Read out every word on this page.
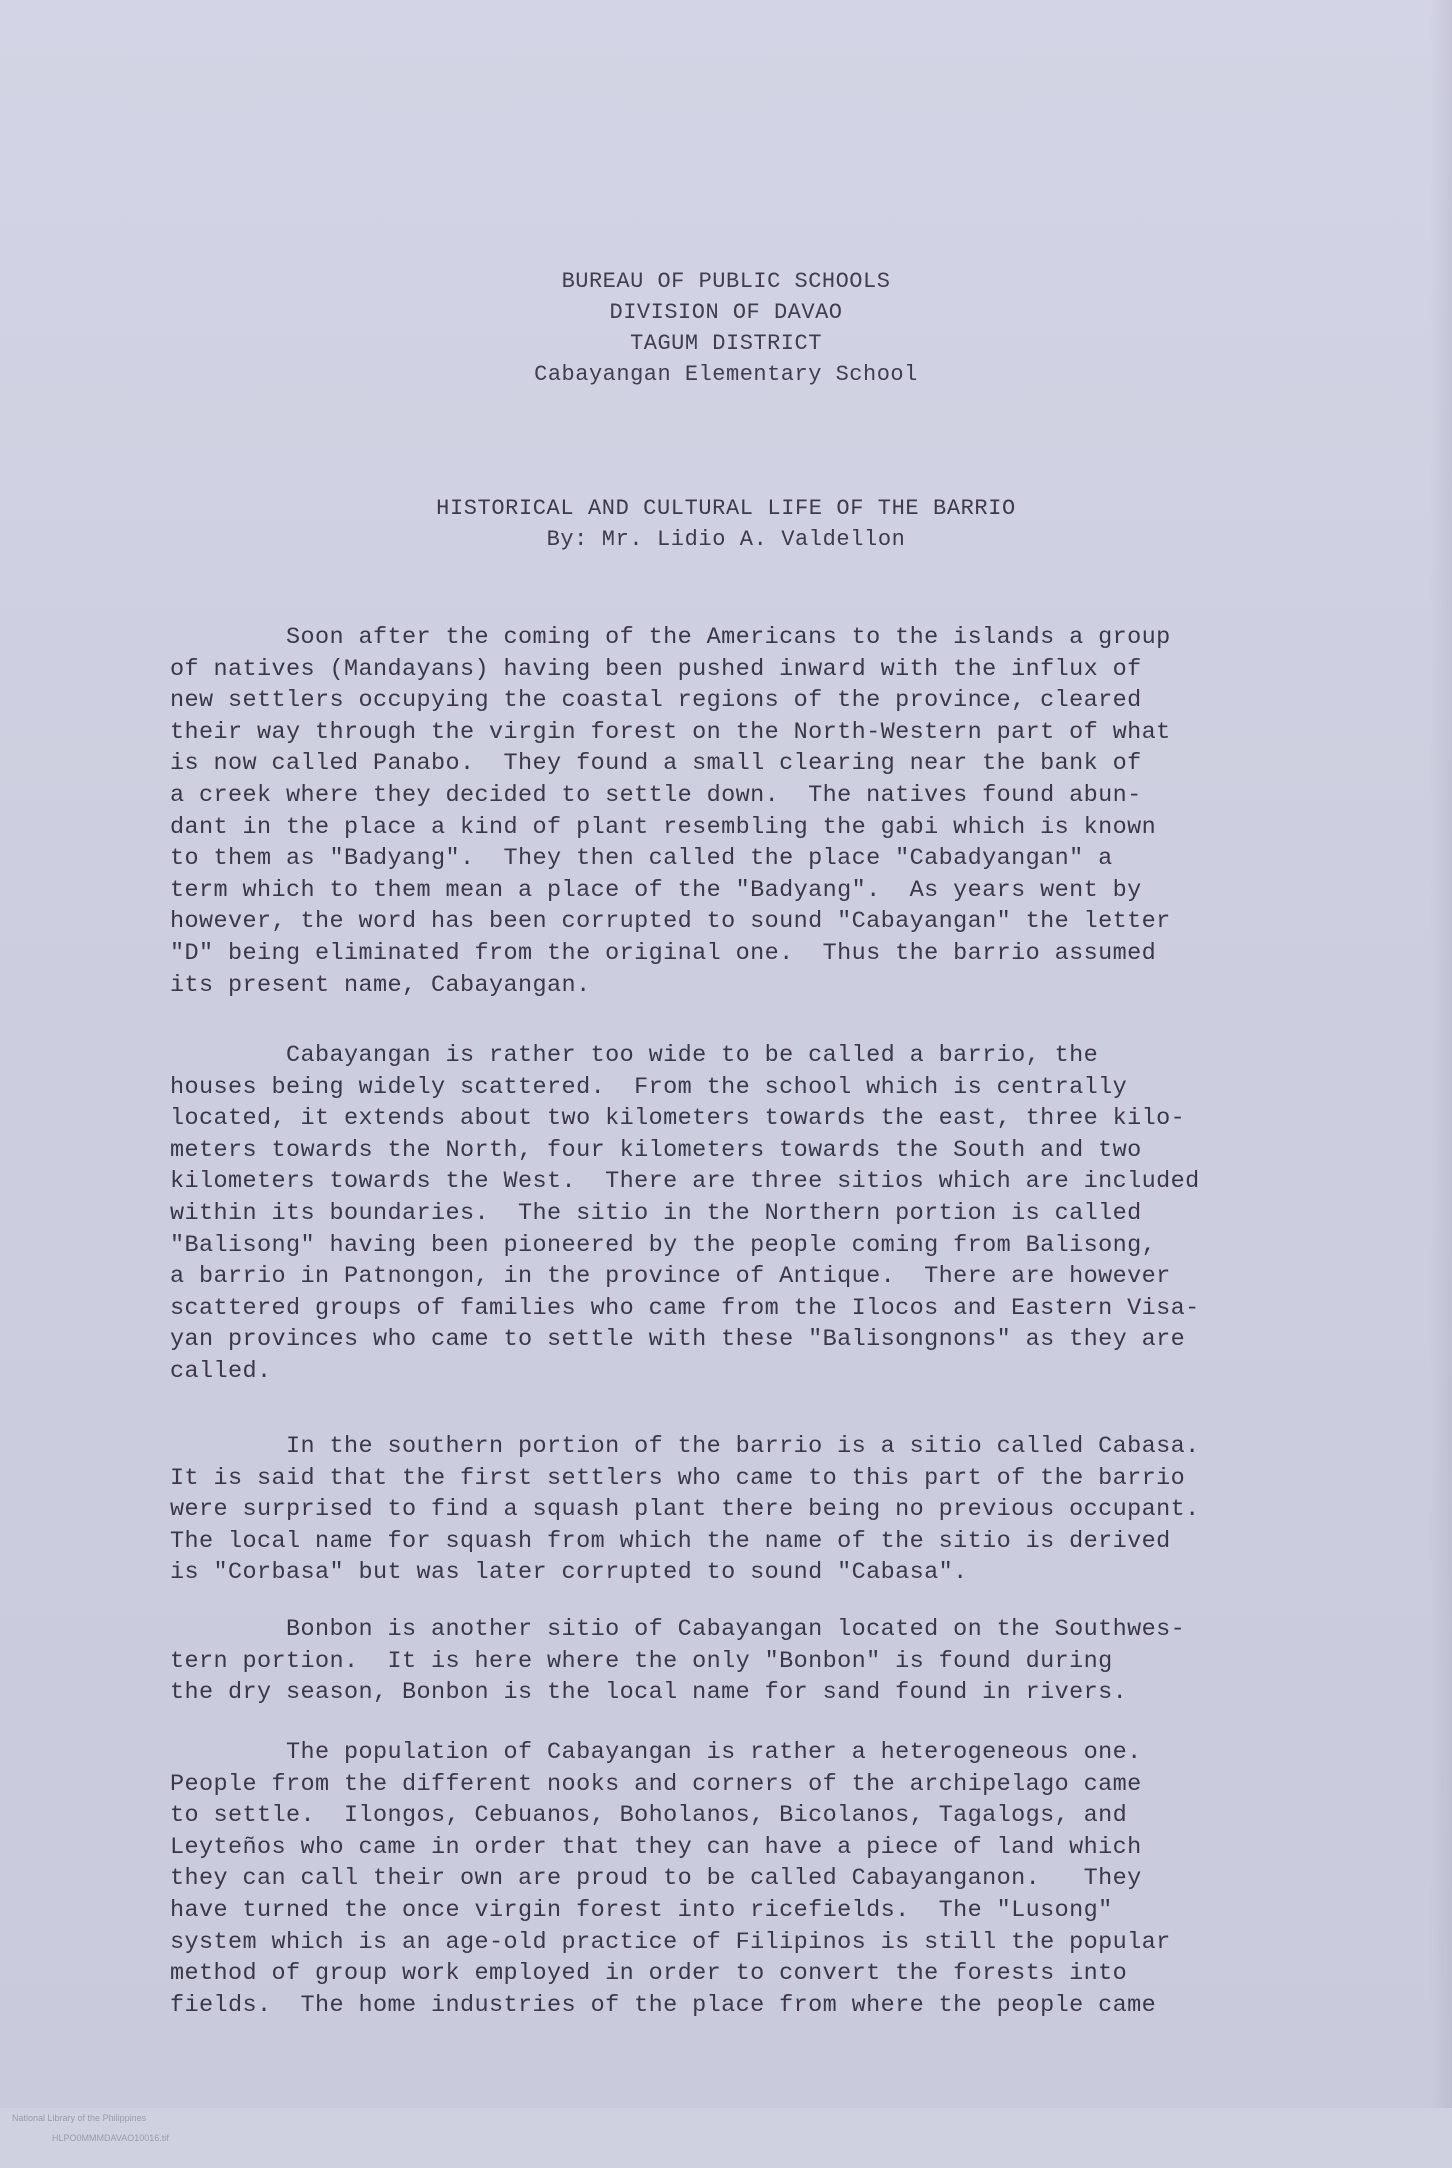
BUREAU OF PUBLIC SCHOOLS
DIVISION OF DAVAO
TAGUM DISTRICT
Cabayangan Elementary School
HISTORICAL AND CULTURAL LIFE OF THE BARRIO
By: Mr. Lidio A. Valdellon
Soon after the coming of the Americans to the islands a group
of natives (Mandayans) having been pushed inward with the influx of
new settlers occupying the coastal regions of the province, cleared
their way through the virgin forest on the North-Western part of what
is now called Panabo.  They found a small clearing near the bank of
a creek where they decided to settle down.  The natives found abun-
dant in the place a kind of plant resembling the gabi which is known
to them as "Badyang".  They then called the place "Cabadyangan" a
term which to them mean a place of the "Badyang".  As years went by
however, the word has been corrupted to sound "Cabayangan" the letter
"D" being eliminated from the original one.  Thus the barrio assumed
its present name, Cabayangan.
Cabayangan is rather too wide to be called a barrio, the
houses being widely scattered.  From the school which is centrally
located, it extends about two kilometers towards the east, three kilo-
meters towards the North, four kilometers towards the South and two
kilometers towards the West.  There are three sitios which are included
within its boundaries.  The sitio in the Northern portion is called
"Balisong" having been pioneered by the people coming from Balisong,
a barrio in Patnongon, in the province of Antique.  There are however
scattered groups of families who came from the Ilocos and Eastern Visa-
yan provinces who came to settle with these "Balisongnons" as they are
called.
In the southern portion of the barrio is a sitio called Cabasa.
It is said that the first settlers who came to this part of the barrio
were surprised to find a squash plant there being no previous occupant.
The local name for squash from which the name of the sitio is derived
is "Corbasa" but was later corrupted to sound "Cabasa".
Bonbon is another sitio of Cabayangan located on the Southwes-
tern portion.  It is here where the only "Bonbon" is found during
the dry season, Bonbon is the local name for sand found in rivers.
The population of Cabayangan is rather a heterogeneous one.
People from the different nooks and corners of the archipelago came
to settle.  Ilongos, Cebuanos, Boholanos, Bicolanos, Tagalogs, and
Leyteños who came in order that they can have a piece of land which
they can call their own are proud to be called Cabayanganon.   They
have turned the once virgin forest into ricefields.  The "Lusong"
system which is an age-old practice of Filipinos is still the popular
method of group work employed in order to convert the forests into
fields.  The home industries of the place from where the people came

National Library of the Philippines
HLPO0MMMDAVAO10016.tif
